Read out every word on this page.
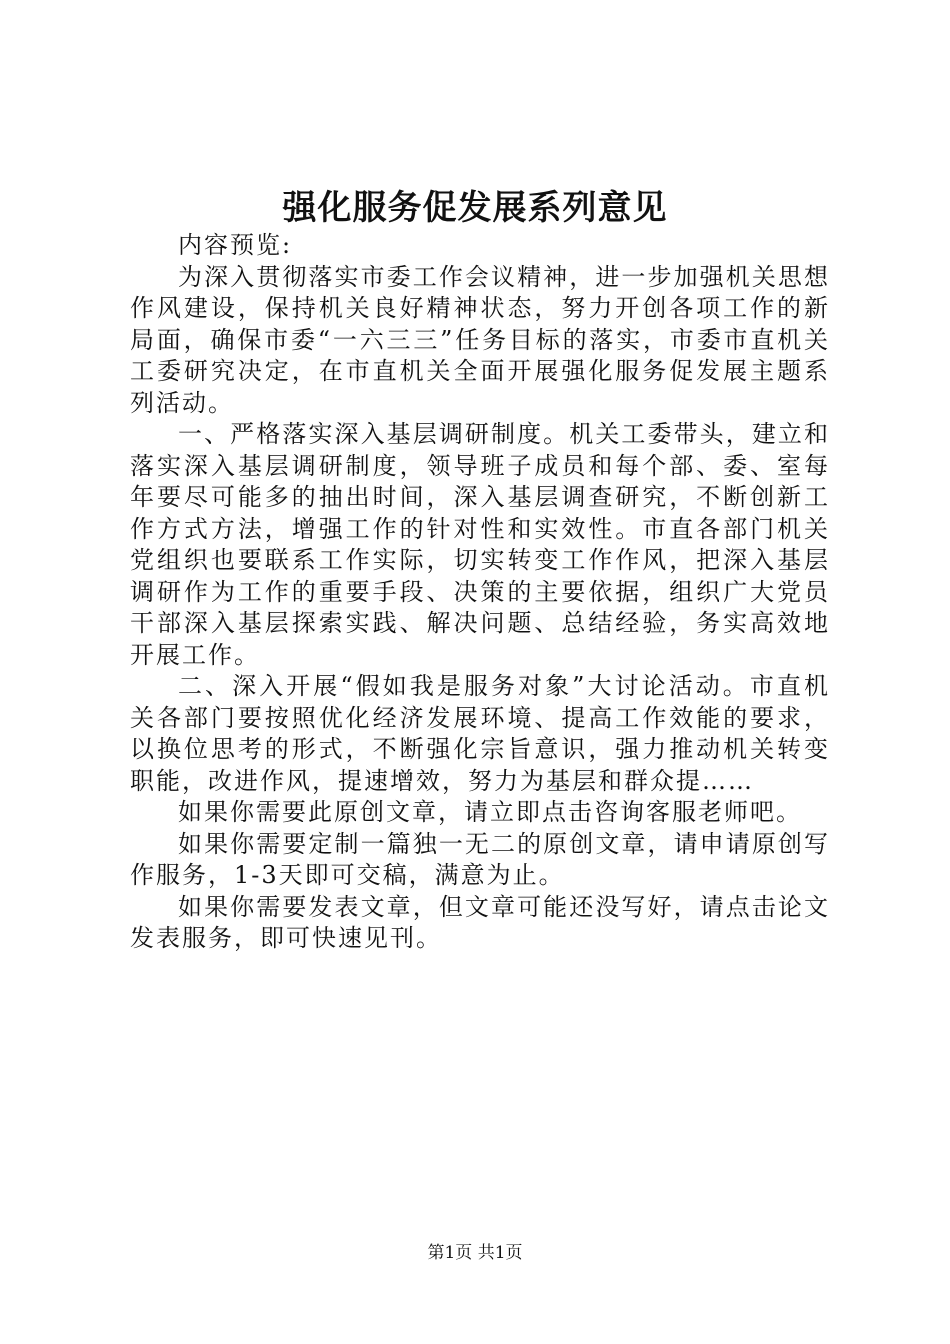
强化服务促发展系列意见

内容预览:

为深入贯彻落实市委工作会议精神，进一步加强机关思想作风建设，保持机关良好精神状态，努力开创各项工作的新局面，确保市委“一六三三”任务目标的落实，市委市直机关工委研究决定，在市直机关全面开展强化服务促发展主题系列活动。

一、严格落实深入基层调研制度。机关工委带头，建立和落实深入基层调研制度，领导班子成员和每个部、委、室每年要尽可能多的抽出时间，深入基层调查研究，不断创新工作方式方法，增强工作的针对性和实效性。市直各部门机关党组织也要联系工作实际，切实转变工作作风，把深入基层调研作为工作的重要手段、决策的主要依据，组织广大党员干部深入基层探索实践、解决问题、总结经验，务实高效地开展工作。

二、深入开展“假如我是服务对象”大讨论活动。市直机关各部门要按照优化经济发展环境、提高工作效能的要求，以换位思考的形式，不断强化宗旨意识，强力推动机关转变职能，改进作风，提速增效，努力为基层和群众提……

如果你需要此原创文章，请立即点击咨询客服老师吧。

如果你需要定制一篇独一无二的原创文章，请申请原创写作服务，1-3天即可交稿，满意为止。

如果你需要发表文章，但文章可能还没写好，请点击论文发表服务，即可快速见刊。

第1页 共1页
